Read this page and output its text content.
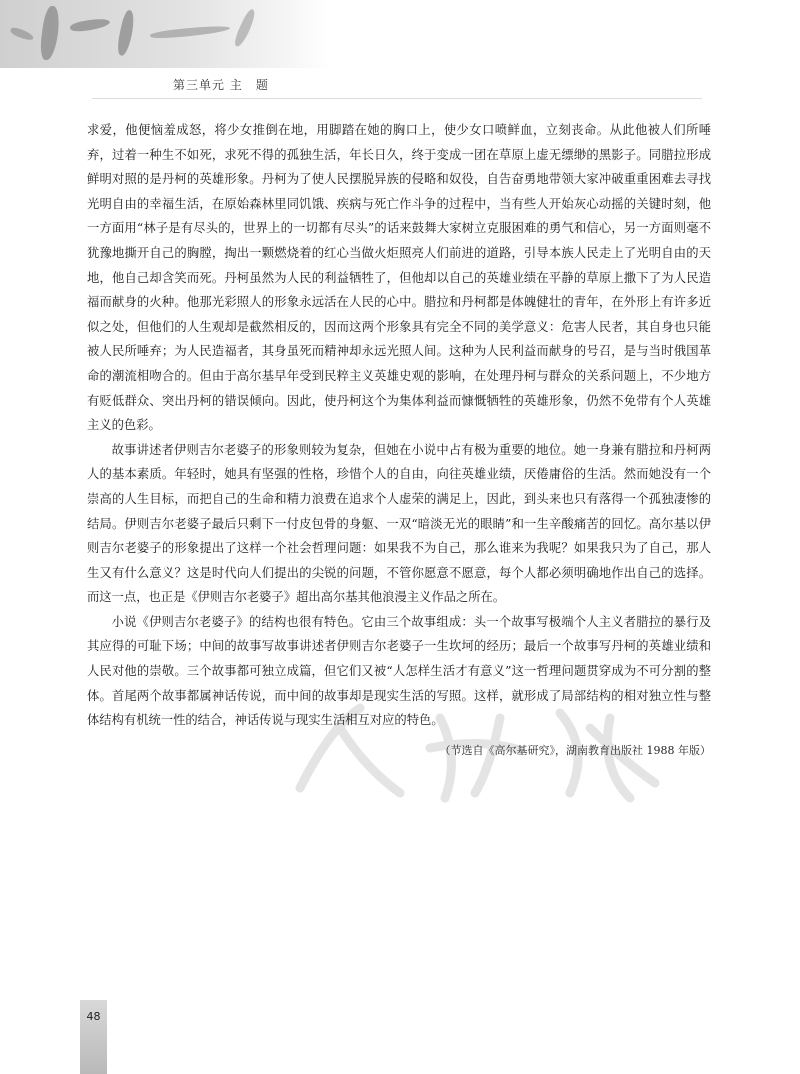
第三单元 主　题

求爱，他便恼羞成怒，将少女推倒在地，用脚踏在她的胸口上，使少女口喷鲜血，立刻丧命。从此他被人们所唾弃，过着一种生不如死，求死不得的孤独生活，年长日久，终于变成一团在草原上虚无缥缈的黑影子。同腊拉形成鲜明对照的是丹柯的英雄形象。丹柯为了使人民摆脱异族的侵略和奴役，自告奋勇地带领大家冲破重重困难去寻找光明自由的幸福生活，在原始森林里同饥饿、疾病与死亡作斗争的过程中，当有些人开始灰心动摇的关键时刻，他一方面用“林子是有尽头的，世界上的一切都有尽头”的话来鼓舞大家树立克服困难的勇气和信心，另一方面则毫不犹豫地撕开自己的胸膛，掏出一颗燃烧着的红心当做火炬照亮人们前进的道路，引导本族人民走上了光明自由的天地，他自己却含笑而死。丹柯虽然为人民的利益牺牲了，但他却以自己的英雄业绩在平静的草原上撒下了为人民造福而献身的火种。他那光彩照人的形象永远活在人民的心中。腊拉和丹柯都是体魄健壮的青年，在外形上有许多近似之处，但他们的人生观却是截然相反的，因而这两个形象具有完全不同的美学意义：危害人民者，其自身也只能被人民所唾弃；为人民造福者，其身虽死而精神却永远光照人间。这种为人民利益而献身的号召，是与当时俄国革命的潮流相吻合的。但由于高尔基早年受到民粹主义英雄史观的影响，在处理丹柯与群众的关系问题上，不少地方有贬低群众、突出丹柯的错误倾向。因此，使丹柯这个为集体利益而慷慨牺牲的英雄形象，仍然不免带有个人英雄主义的色彩。

故事讲述者伊则吉尔老婆子的形象则较为复杂，但她在小说中占有极为重要的地位。她一身兼有腊拉和丹柯两人的基本素质。年轻时，她具有坚强的性格，珍惜个人的自由，向往英雄业绩，厌倦庸俗的生活。然而她没有一个崇高的人生目标，而把自己的生命和精力浪费在追求个人虚荣的满足上，因此，到头来也只有落得一个孤独凄惨的结局。伊则吉尔老婆子最后只剩下一付皮包骨的身躯、一双“暗淡无光的眼睛”和一生辛酸痛苦的回忆。高尔基以伊则吉尔老婆子的形象提出了这样一个社会哲理问题：如果我不为自己，那么谁来为我呢？如果我只为了自己，那人生又有什么意义？这是时代向人们提出的尖锐的问题，不管你愿意不愿意，每个人都必须明确地作出自己的选择。而这一点，也正是《伊则吉尔老婆子》超出高尔基其他浪漫主义作品之所在。

小说《伊则吉尔老婆子》的结构也很有特色。它由三个故事组成：头一个故事写极端个人主义者腊拉的暴行及其应得的可耻下场；中间的故事写故事讲述者伊则吉尔老婆子一生坎坷的经历；最后一个故事写丹柯的英雄业绩和人民对他的崇敬。三个故事都可独立成篇，但它们又被“人怎样生活才有意义”这一哲理问题贯穿成为不可分割的整体。首尾两个故事都属神话传说，而中间的故事却是现实生活的写照。这样，就形成了局部结构的相对独立性与整体结构有机统一性的结合，神话传说与现实生活相互对应的特色。

（节选自《高尔基研究》，湖南教育出版社 1988 年版）
48
